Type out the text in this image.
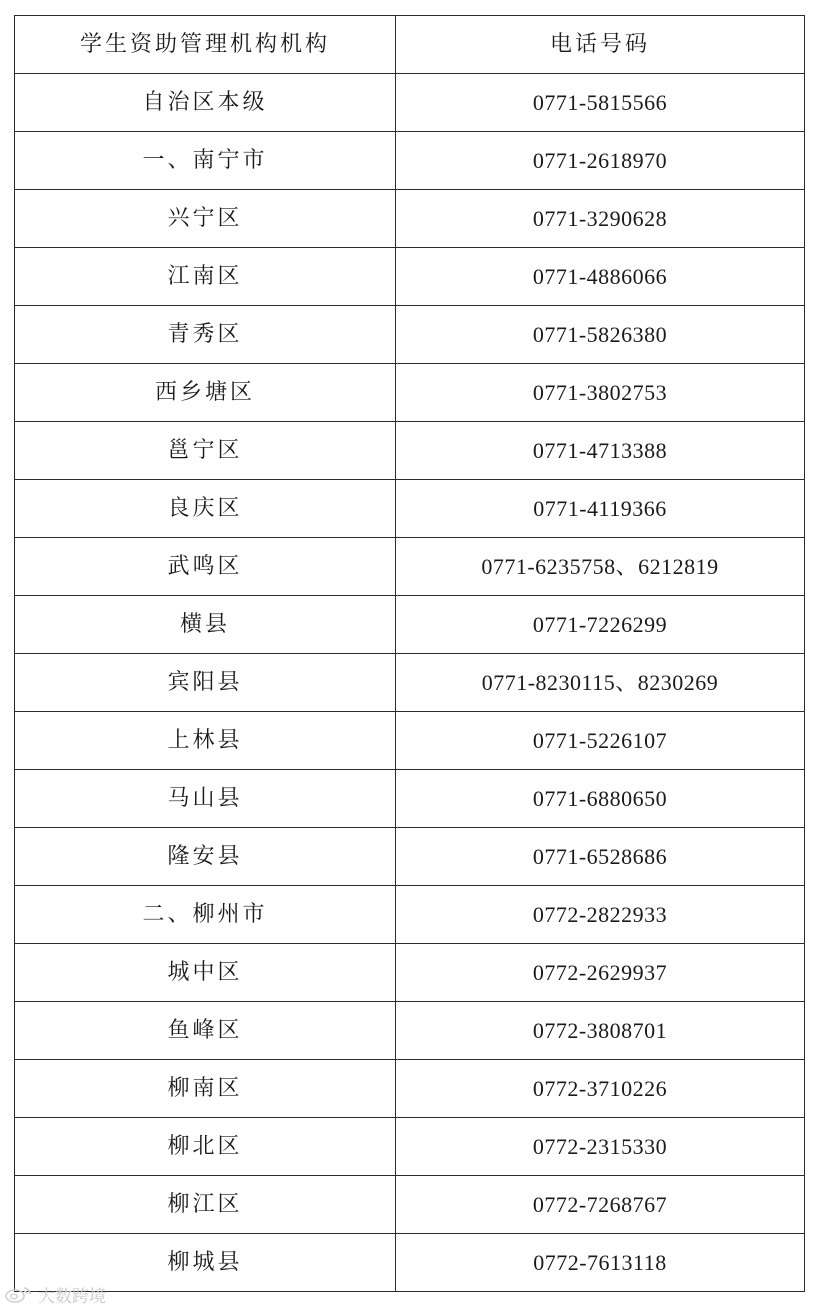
学生资助管理机构机构	电话号码
自治区本级	0771-5815566
一、南宁市	0771-2618970
兴宁区	0771-3290628
江南区	0771-4886066
青秀区	0771-5826380
西乡塘区	0771-3802753
邕宁区	0771-4713388
良庆区	0771-4119366
武鸣区	0771-6235758、6212819
横县	0771-7226299
宾阳县	0771-8230115、8230269
上林县	0771-5226107
马山县	0771-6880650
隆安县	0771-6528686
二、柳州市	0772-2822933
城中区	0772-2629937
鱼峰区	0772-3808701
柳南区	0772-3710226
柳北区	0772-2315330
柳江区	0772-7268767
柳城县	0772-7613118
大数跨境
